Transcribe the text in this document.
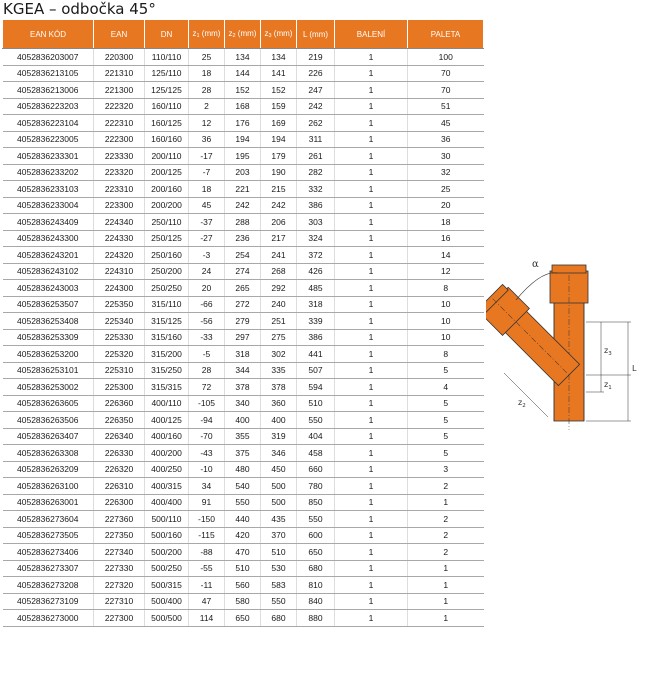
KGEA – odbočka 45°
EAN KÓD	EAN	DN	z1 (mm)	z2 (mm)	z3 (mm)	L (mm)	BALENÍ	PALETA
4052836203007	220300	110/110	25	134	134	219	1	100
4052836213105	221310	125/110	18	144	141	226	1	70
4052836213006	221300	125/125	28	152	152	247	1	70
4052836223203	222320	160/110	2	168	159	242	1	51
4052836223104	222310	160/125	12	176	169	262	1	45
4052836223005	222300	160/160	36	194	194	311	1	36
4052836233301	223330	200/110	-17	195	179	261	1	30
4052836233202	223320	200/125	-7	203	190	282	1	32
4052836233103	223310	200/160	18	221	215	332	1	25
4052836233004	223300	200/200	45	242	242	386	1	20
4052836243409	224340	250/110	-37	288	206	303	1	18
4052836243300	224330	250/125	-27	236	217	324	1	16
4052836243201	224320	250/160	-3	254	241	372	1	14
4052836243102	224310	250/200	24	274	268	426	1	12
4052836243003	224300	250/250	20	265	292	485	1	8
4052836253507	225350	315/110	-66	272	240	318	1	10
4052836253408	225340	315/125	-56	279	251	339	1	10
4052836253309	225330	315/160	-33	297	275	386	1	10
4052836253200	225320	315/200	-5	318	302	441	1	8
4052836253101	225310	315/250	28	344	335	507	1	5
4052836253002	225300	315/315	72	378	378	594	1	4
4052836263605	226360	400/110	-105	340	360	510	1	5
4052836263506	226350	400/125	-94	400	400	550	1	5
4052836263407	226340	400/160	-70	355	319	404	1	5
4052836263308	226330	400/200	-43	375	346	458	1	5
4052836263209	226320	400/250	-10	480	450	660	1	3
4052836263100	226310	400/315	34	540	500	780	1	2
4052836263001	226300	400/400	91	550	500	850	1	1
4052836273604	227360	500/110	-150	440	435	550	1	2
4052836273505	227350	500/160	-115	420	370	600	1	2
4052836273406	227340	500/200	-88	470	510	650	1	2
4052836273307	227330	500/250	-55	510	530	680	1	1
4052836273208	227320	500/315	-11	560	583	810	1	1
4052836273109	227310	500/400	47	580	550	840	1	1
4052836273000	227300	500/500	114	650	680	880	1	1
α
$z_3$
$z_1$
L
$z_2$
